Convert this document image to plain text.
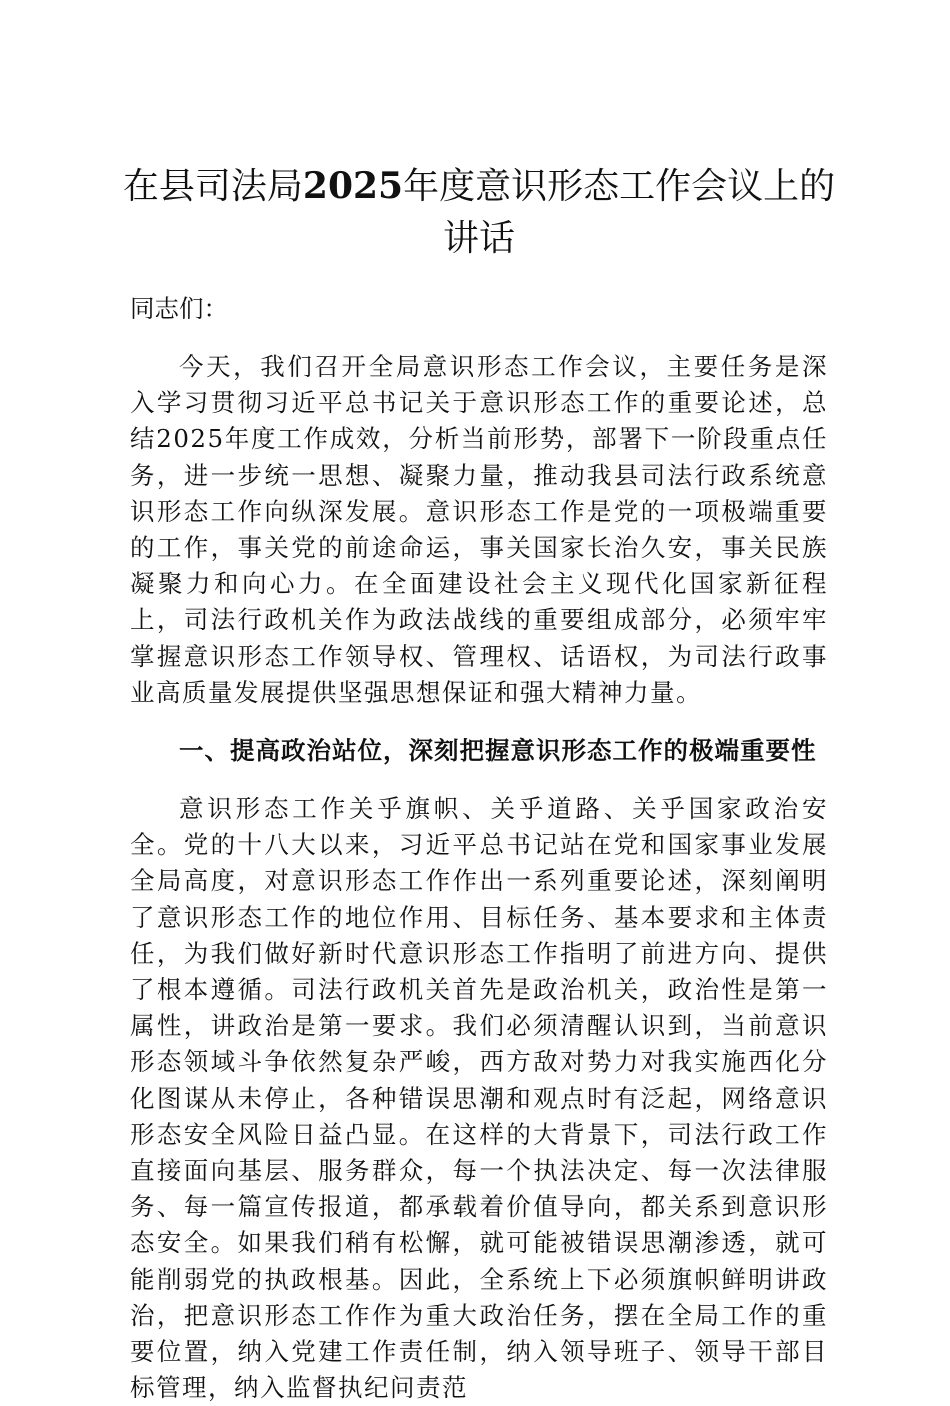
在县司法局2025年度意识形态工作会议上的讲话

同志们：

今天，我们召开全局意识形态工作会议，主要任务是深入学习贯彻习近平总书记关于意识形态工作的重要论述，总结2025年度工作成效，分析当前形势，部署下一阶段重点任务，进一步统一思想、凝聚力量，推动我县司法行政系统意识形态工作向纵深发展。意识形态工作是党的一项极端重要的工作，事关党的前途命运，事关国家长治久安，事关民族凝聚力和向心力。在全面建设社会主义现代化国家新征程上，司法行政机关作为政法战线的重要组成部分，必须牢牢掌握意识形态工作领导权、管理权、话语权，为司法行政事业高质量发展提供坚强思想保证和强大精神力量。

一、提高政治站位，深刻把握意识形态工作的极端重要性

意识形态工作关乎旗帜、关乎道路、关乎国家政治安全。党的十八大以来，习近平总书记站在党和国家事业发展全局高度，对意识形态工作作出一系列重要论述，深刻阐明了意识形态工作的地位作用、目标任务、基本要求和主体责任，为我们做好新时代意识形态工作指明了前进方向、提供了根本遵循。司法行政机关首先是政治机关，政治性是第一属性，讲政治是第一要求。我们必须清醒认识到，当前意识形态领域斗争依然复杂严峻，西方敌对势力对我实施西化分化图谋从未停止，各种错误思潮和观点时有泛起，网络意识形态安全风险日益凸显。在这样的大背景下，司法行政工作直接面向基层、服务群众，每一个执法决定、每一次法律服务、每一篇宣传报道，都承载着价值导向，都关系到意识形态安全。如果我们稍有松懈，就可能被错误思潮渗透，就可能削弱党的执政根基。因此，全系统上下必须旗帜鲜明讲政治，把意识形态工作作为重大政治任务，摆在全局工作的重要位置，纳入党建工作责任制，纳入领导班子、领导干部目标管理，纳入监督执纪问责范
